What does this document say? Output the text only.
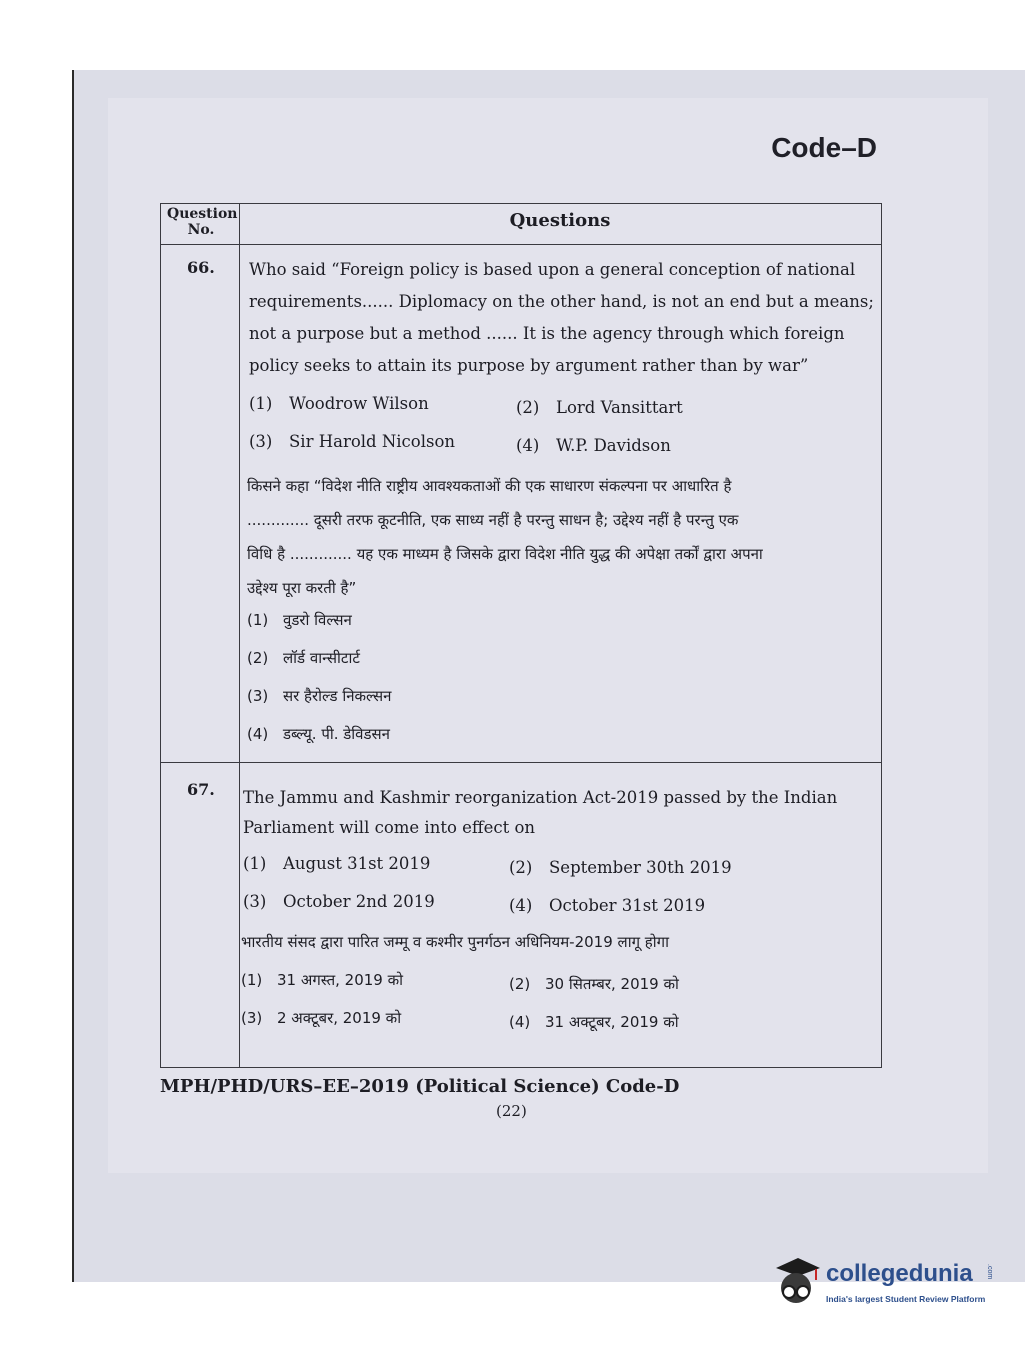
Code–D
Question No.	Questions
66. Who said “Foreign policy is based upon a general conception of national
requirements...... Diplomacy on the other hand, is not an end but a means;
not a purpose but a method ...... It is the agency through which foreign
policy seeks to attain its purpose by argument rather than by war”
(1) Woodrow Wilson	(2) Lord Vansittart
(3) Sir Harold Nicolson	(4) W.P. Davidson
किसने कहा “विदेश नीति राष्ट्रीय आवश्यकताओं की एक साधारण संकल्पना पर आधारित है
............. दूसरी तरफ कूटनीति, एक साध्य नहीं है परन्तु साधन है; उद्देश्य नहीं है परन्तु एक
विधि है ............. यह एक माध्यम है जिसके द्वारा विदेश नीति युद्ध की अपेक्षा तर्कों द्वारा अपना
उद्देश्य पूरा करती है”
(1) वुडरो विल्सन
(2) लॉर्ड वान्सीटार्ट
(3) सर हैरोल्ड निकल्सन
(4) डब्ल्यू. पी. डेविडसन
67. The Jammu and Kashmir reorganization Act-2019 passed by the Indian
Parliament will come into effect on
(1) August 31st 2019	(2) September 30th 2019
(3) October 2nd 2019	(4) October 31st 2019
भारतीय संसद द्वारा पारित जम्मू व कश्मीर पुनर्गठन अधिनियम-2019 लागू होगा
(1) 31 अगस्त, 2019 को	(2) 30 सितम्बर, 2019 को
(3) 2 अक्टूबर, 2019 को	(4) 31 अक्टूबर, 2019 को
MPH/PHD/URS–EE–2019 (Political Science) Code-D
(22)
collegedunia .com
India's largest Student Review Platform
